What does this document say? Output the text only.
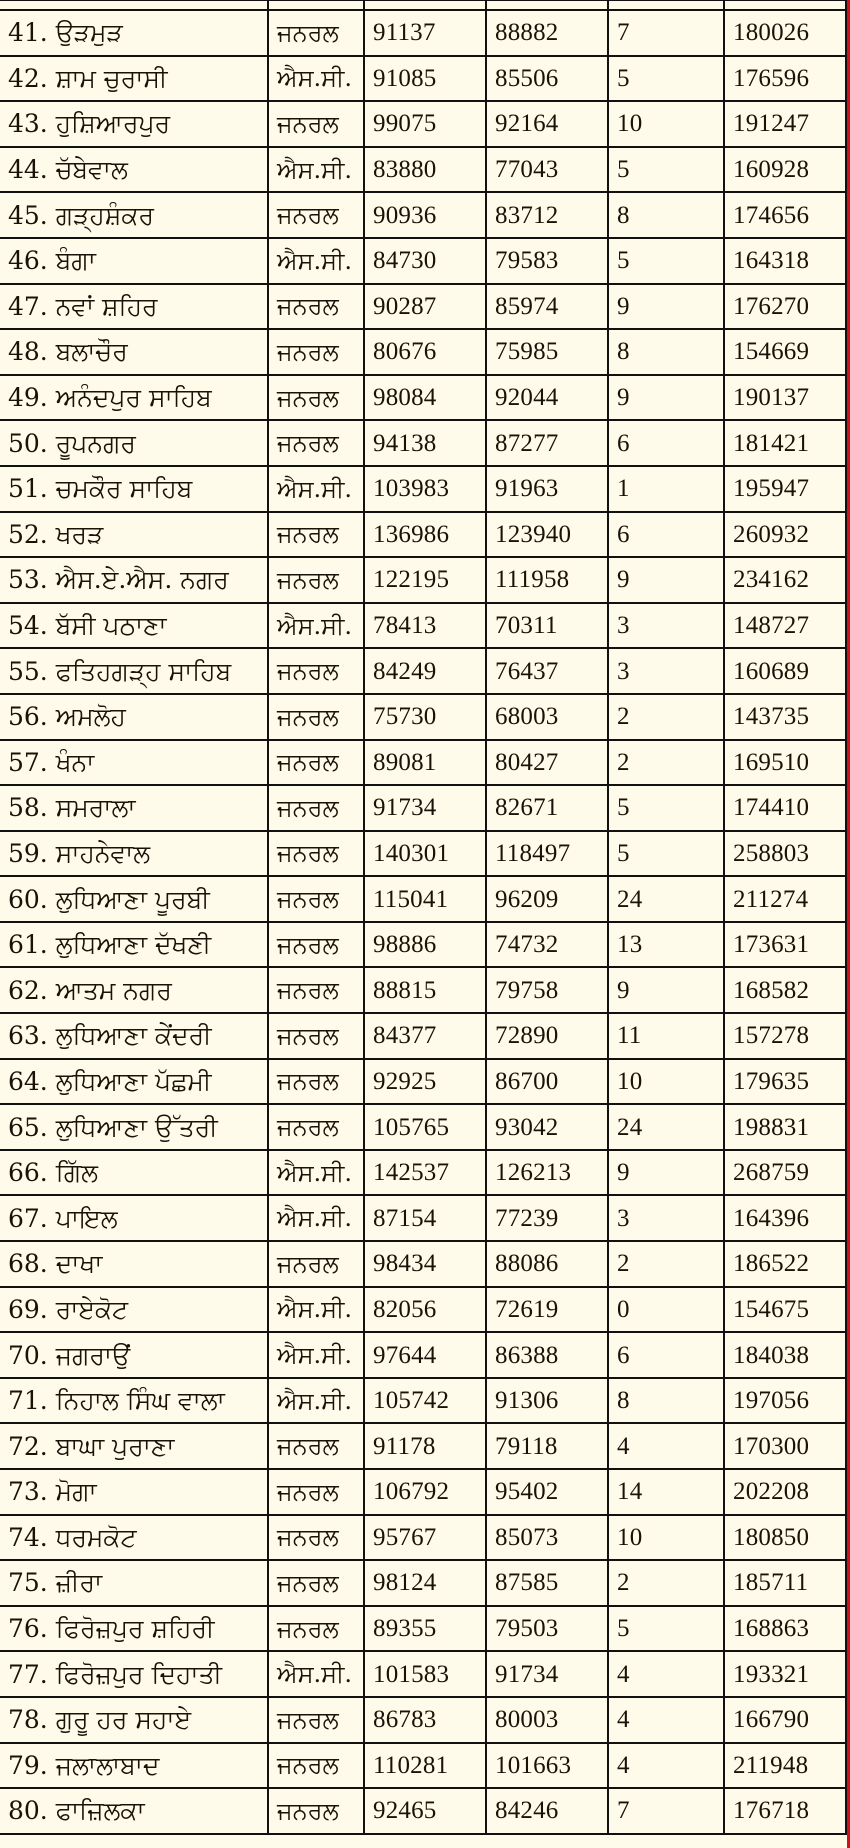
41. ਉੜਮੁੜ	ਜਨਰਲ	91137	88882	7	180026
42. ਸ਼ਾਮ ਚੁਰਾਸੀ	ਐਸ.ਸੀ.	91085	85506	5	176596
43. ਹੁਸ਼ਿਆਰਪੁਰ	ਜਨਰਲ	99075	92164	10	191247
44. ਚੱਬੇਵਾਲ	ਐਸ.ਸੀ.	83880	77043	5	160928
45. ਗੜ੍ਹਸ਼ੰਕਰ	ਜਨਰਲ	90936	83712	8	174656
46. ਬੰਗਾ	ਐਸ.ਸੀ.	84730	79583	5	164318
47. ਨਵਾਂ ਸ਼ਹਿਰ	ਜਨਰਲ	90287	85974	9	176270
48. ਬਲਾਚੌਰ	ਜਨਰਲ	80676	75985	8	154669
49. ਅਨੰਦਪੁਰ ਸਾਹਿਬ	ਜਨਰਲ	98084	92044	9	190137
50. ਰੂਪਨਗਰ	ਜਨਰਲ	94138	87277	6	181421
51. ਚਮਕੌਰ ਸਾਹਿਬ	ਐਸ.ਸੀ.	103983	91963	1	195947
52. ਖਰੜ	ਜਨਰਲ	136986	123940	6	260932
53. ਐਸ.ਏ.ਐਸ. ਨਗਰ	ਜਨਰਲ	122195	111958	9	234162
54. ਬੱਸੀ ਪਠਾਣਾ	ਐਸ.ਸੀ.	78413	70311	3	148727
55. ਫਤਿਹਗੜ੍ਹ ਸਾਹਿਬ	ਜਨਰਲ	84249	76437	3	160689
56. ਅਮਲੋਹ	ਜਨਰਲ	75730	68003	2	143735
57. ਖੰਨਾ	ਜਨਰਲ	89081	80427	2	169510
58. ਸਮਰਾਲਾ	ਜਨਰਲ	91734	82671	5	174410
59. ਸਾਹਨੇਵਾਲ	ਜਨਰਲ	140301	118497	5	258803
60. ਲੁਧਿਆਣਾ ਪੂਰਬੀ	ਜਨਰਲ	115041	96209	24	211274
61. ਲੁਧਿਆਣਾ ਦੱਖਣੀ	ਜਨਰਲ	98886	74732	13	173631
62. ਆਤਮ ਨਗਰ	ਜਨਰਲ	88815	79758	9	168582
63. ਲੁਧਿਆਣਾ ਕੇਂਦਰੀ	ਜਨਰਲ	84377	72890	11	157278
64. ਲੁਧਿਆਣਾ ਪੱਛਮੀ	ਜਨਰਲ	92925	86700	10	179635
65. ਲੁਧਿਆਣਾ ਉੱਤਰੀ	ਜਨਰਲ	105765	93042	24	198831
66. ਗਿੱਲ	ਐਸ.ਸੀ.	142537	126213	9	268759
67. ਪਾਇਲ	ਐਸ.ਸੀ.	87154	77239	3	164396
68. ਦਾਖਾ	ਜਨਰਲ	98434	88086	2	186522
69. ਰਾਏਕੋਟ	ਐਸ.ਸੀ.	82056	72619	0	154675
70. ਜਗਰਾਉਂ	ਐਸ.ਸੀ.	97644	86388	6	184038
71. ਨਿਹਾਲ ਸਿੰਘ ਵਾਲਾ	ਐਸ.ਸੀ.	105742	91306	8	197056
72. ਬਾਘਾ ਪੁਰਾਣਾ	ਜਨਰਲ	91178	79118	4	170300
73. ਮੋਗਾ	ਜਨਰਲ	106792	95402	14	202208
74. ਧਰਮਕੋਟ	ਜਨਰਲ	95767	85073	10	180850
75. ਜ਼ੀਰਾ	ਜਨਰਲ	98124	87585	2	185711
76. ਫਿਰੋਜ਼ਪੁਰ ਸ਼ਹਿਰੀ	ਜਨਰਲ	89355	79503	5	168863
77. ਫਿਰੋਜ਼ਪੁਰ ਦਿਹਾਤੀ	ਐਸ.ਸੀ.	101583	91734	4	193321
78. ਗੁਰੂ ਹਰ ਸਹਾਏ	ਜਨਰਲ	86783	80003	4	166790
79. ਜਲਾਲਾਬਾਦ	ਜਨਰਲ	110281	101663	4	211948
80. ਫਾਜ਼ਿਲਕਾ	ਜਨਰਲ	92465	84246	7	176718
